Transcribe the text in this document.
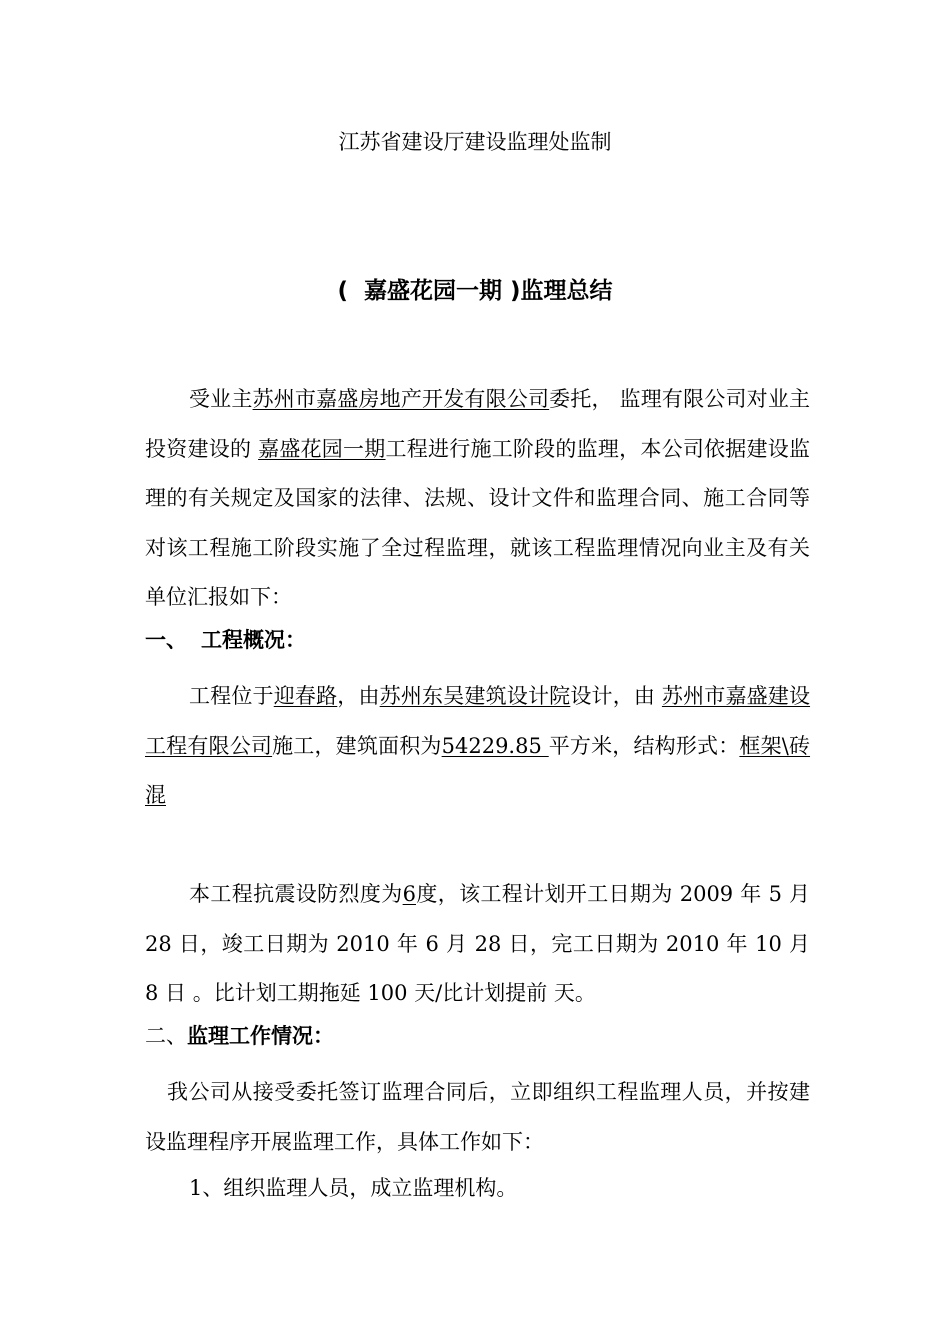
江苏省建设厅建设监理处监制
( 嘉盛花园一期 )监理总结
受业主苏州市嘉盛房地产开发有限公司委托， 监理有限公司对业主投资建设的 嘉盛花园一期工程进行施工阶段的监理，本公司依据建设监理的有关规定及国家的法律、法规、设计文件和监理合同、施工合同等对该工程施工阶段实施了全过程监理，就该工程监理情况向业主及有关单位汇报如下：
一、 工程概况：
工程位于迎春路，由苏州东吴建筑设计院设计，由 苏州市嘉盛建设工程有限公司施工，建筑面积为54229.85 平方米，结构形式：框架\砖混
本工程抗震设防烈度为6度，该工程计划开工日期为 2009 年 5 月 28 日，竣工日期为 2010 年 6 月 28 日，完工日期为 2010 年 10 月 8 日 。比计划工期拖延 100 天/比计划提前 天。
二、监理工作情况：
我公司从接受委托签订监理合同后，立即组织工程监理人员，并按建设监理程序开展监理工作，具体工作如下：
1、组织监理人员，成立监理机构。
